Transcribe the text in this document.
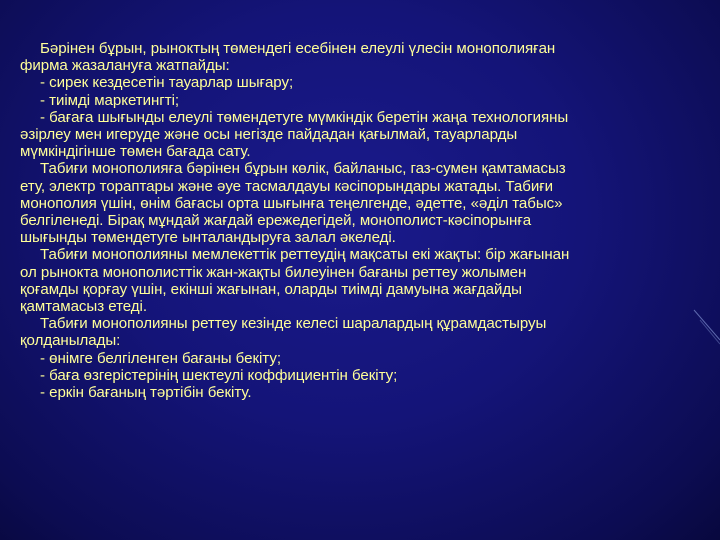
Бәрінен бұрын, рыноктың төмендегі есебінен елеулі үлесін монополияған

фирма жазалануға жатпайды:

- сирек кездесетін тауарлар шығару;

- тиімді маркетингті;

- бағаға шығынды елеулі төмендетуге мүмкіндік беретін жаңа технологияны

әзірлеу мен игеруде және осы негізде пайдадан қағылмай, тауарларды

мүмкіндігінше төмен бағада сату.

Табиғи монополияға бәрінен бұрын көлік, байланыс, газ-сумен қамтамасыз

ету, электр торaптары және әуе тасмалдауы кәсіпорындары жатады. Табиғи

монополия үшін, өнім бағасы орта шығынға теңелгенде, әдетте, «әділ табыс»

белгіленеді. Бірақ мұндай жағдай ережедегідей, монополист-кәсіпорынға

шығынды төмендетуге ынталандыруға залал әкеледі.

Табиғи монополияны мемлекеттік реттеудің мақсаты екі жақты: бір жағынан

ол рынокта монополисттік жан-жақты билеуінен бағаны реттеу жолымен

қоғамды қорғау үшін, екінші жағынан, оларды тиімді дамуына жағдайды

қамтамасыз етеді.

Табиғи монополияны реттеу кезінде келесі шаралардың құрамдастыруы

қолданылады:

- өнімге белгіленген бағаны бекіту;

- баға өзгерістерінің шектеулі коффициентін бекіту;

- еркін бағаның тәртібін бекіту.
